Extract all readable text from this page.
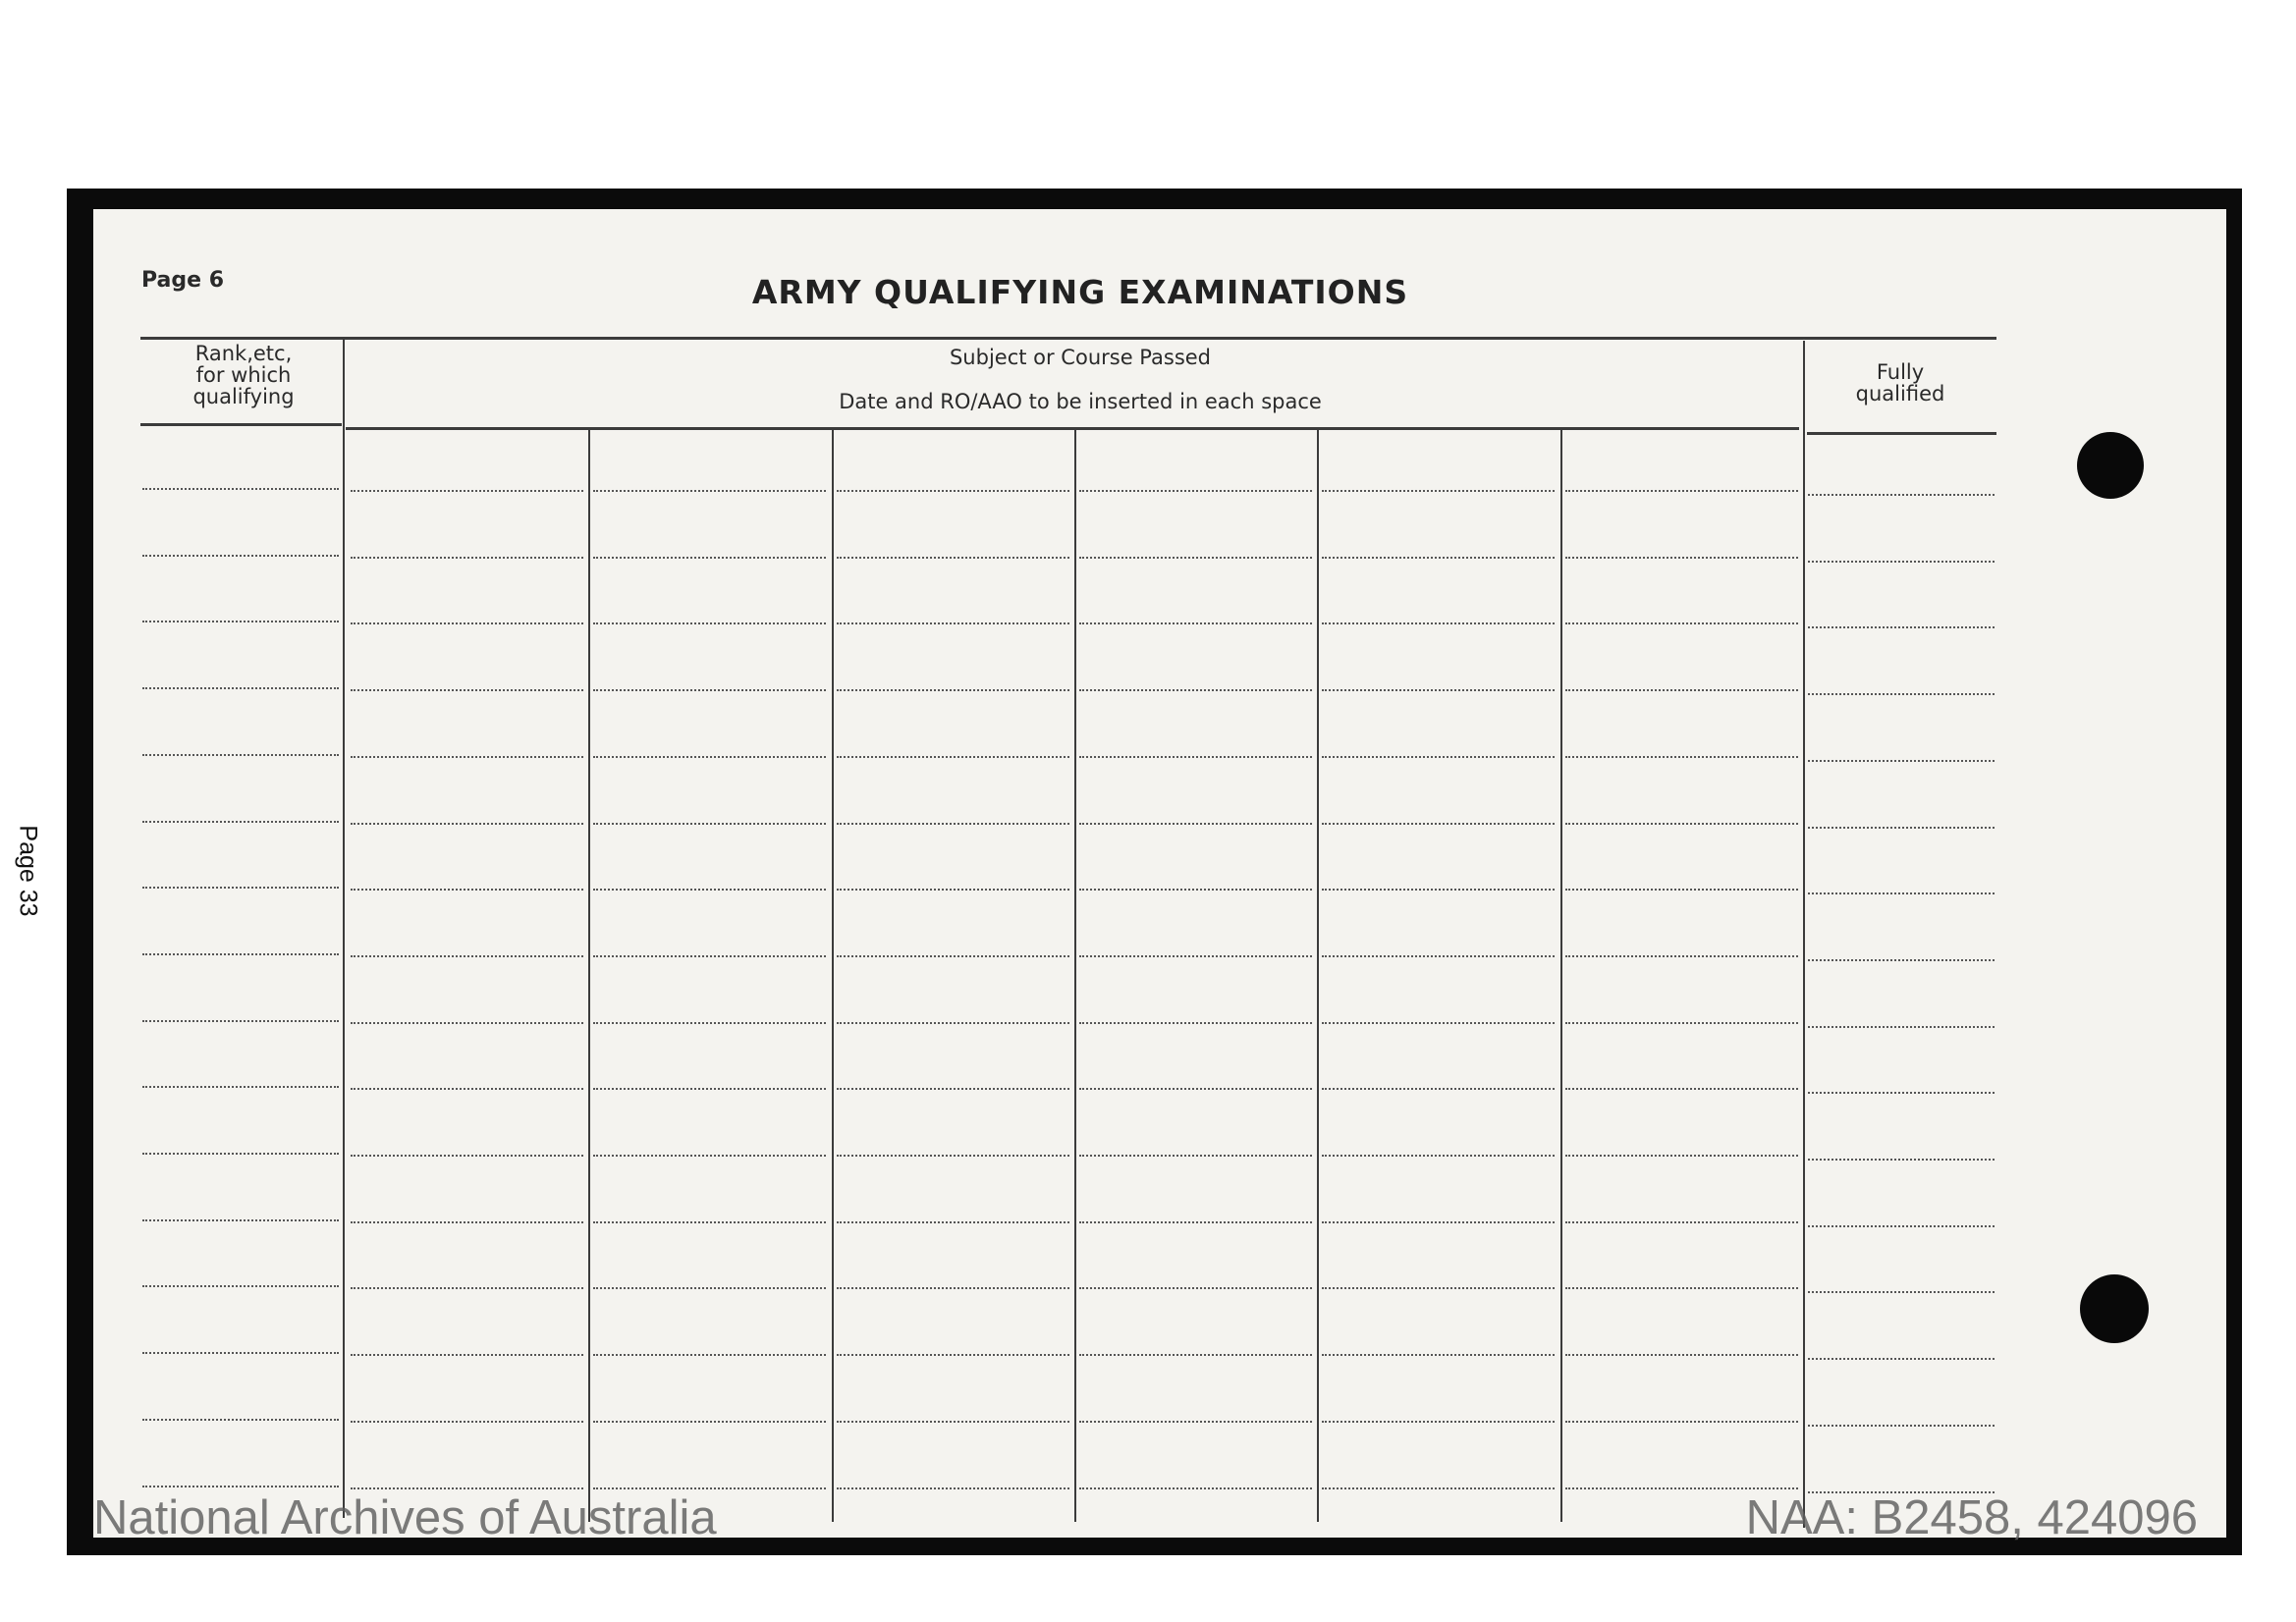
Page 33
Page 6	ARMY QUALIFYING EXAMINATIONS
Rank,etc,
for which
qualifying
Subject or Course Passed
Date and RO/AAO to be inserted in each space
Fully
qualified
National Archives of Australia	NAA: B2458, 424096
